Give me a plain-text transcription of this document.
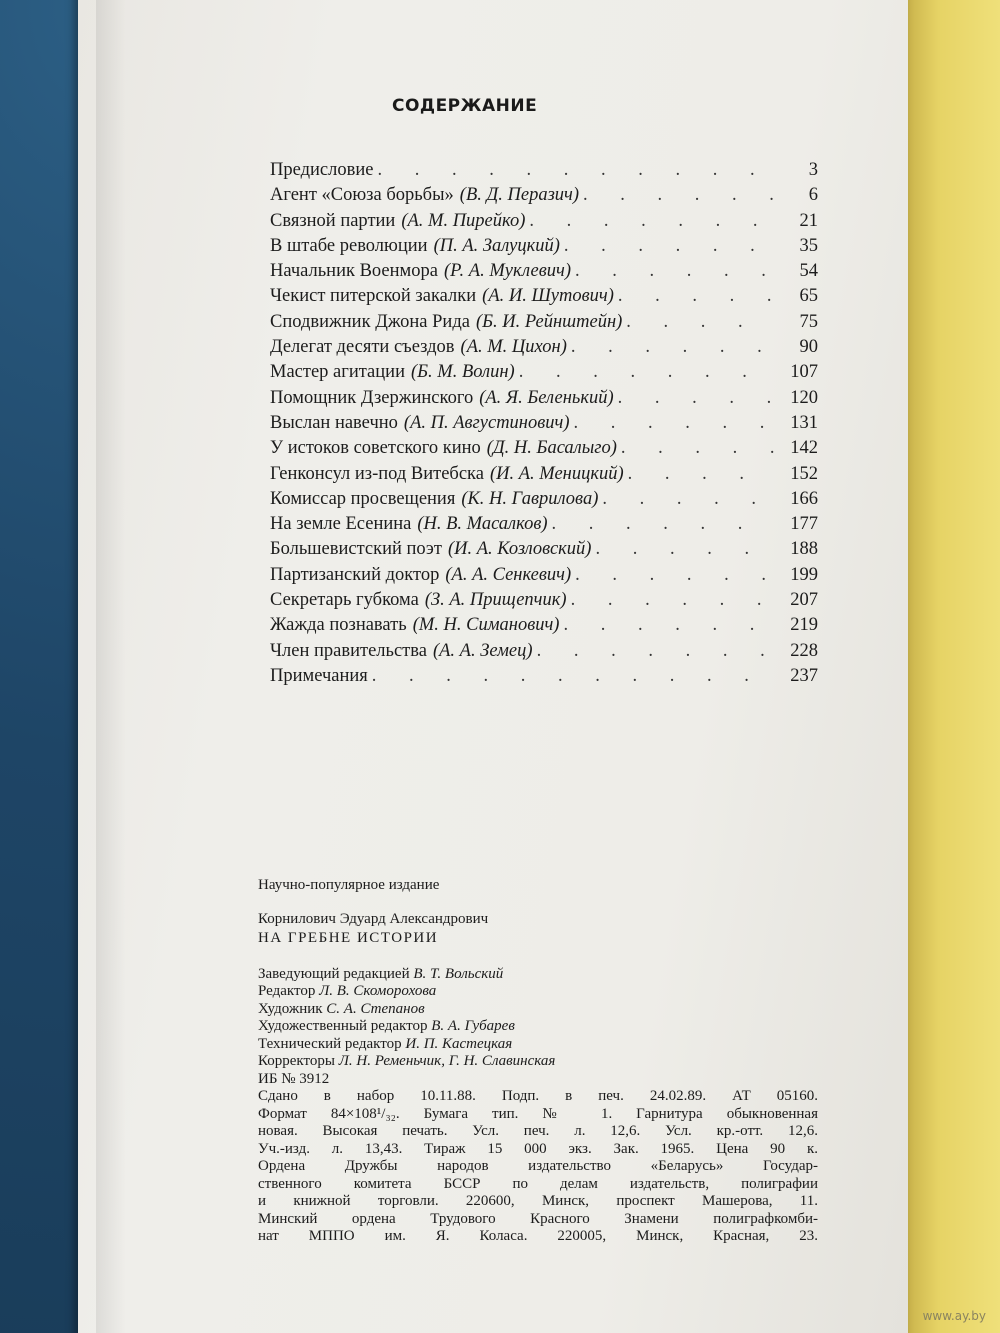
СОДЕРЖАНИЕ
Предисловие . . .	3
Агент «Союза борьбы» (В. Д. Перазич) . . .	6
Связной партии (А. М. Пирейко) . . .	21
В штабе революции (П. А. Залуцкий) . . .	35
Начальник Военмора (Р. А. Муклевич) . . .	54
Чекист питерской закалки (А. И. Шутович) . . .	65
Сподвижник Джона Рида (Б. И. Рейнштейн) . . .	75
Делегат десяти съездов (А. М. Цихон) . . .	90
Мастер агитации (Б. М. Волин) . . .	107
Помощник Дзержинского (А. Я. Беленький) . . .	120
Выслан навечно (А. П. Августинович) . . .	131
У истоков советского кино (Д. Н. Басалыго) . . .	142
Генконсул из-под Витебска (И. А. Меницкий) . . .	152
Комиссар просвещения (К. Н. Гаврилова) . . .	166
На земле Есенина (Н. В. Масалков) . . .	177
Большевистский поэт (И. А. Козловский) . . .	188
Партизанский доктор (А. А. Сенкевич) . . .	199
Секретарь губкома (З. А. Прищепчик) . . .	207
Жажда познавать (М. Н. Симанович) . . .	219
Член правительства (А. А. Земец) . . .	228
Примечания . . .	237
Научно-популярное издание
Корнилович Эдуард Александрович
НА ГРЕБНЕ ИСТОРИИ
Заведующий редакцией В. Т. Вольский
Редактор Л. В. Скоморохова
Художник С. А. Степанов
Художественный редактор В. А. Губарев
Технический редактор И. П. Кастецкая
Корректоры Л. Н. Ременьчик, Г. Н. Славинская
ИБ № 3912
Сдано в набор 10.11.88. Подп. в печ. 24.02.89. АТ 05160.
Формат 84×108¹/₃₂. Бумага тип. № 1. Гарнитура обыкновенная
новая. Высокая печать. Усл. печ. л. 12,6. Усл. кр.-отт. 12,6.
Уч.-изд. л. 13,43. Тираж 15 000 экз. Зак. 1965. Цена 90 к.
Ордена Дружбы народов издательство «Беларусь» Государ-
ственного комитета БССР по делам издательств, полиграфии
и книжной торговли. 220600, Минск, проспект Машерова, 11.
Минский ордена Трудового Красного Знамени полиграфкомби-
нат МППО им. Я. Коласа. 220005, Минск, Красная, 23.
www.ay.by
